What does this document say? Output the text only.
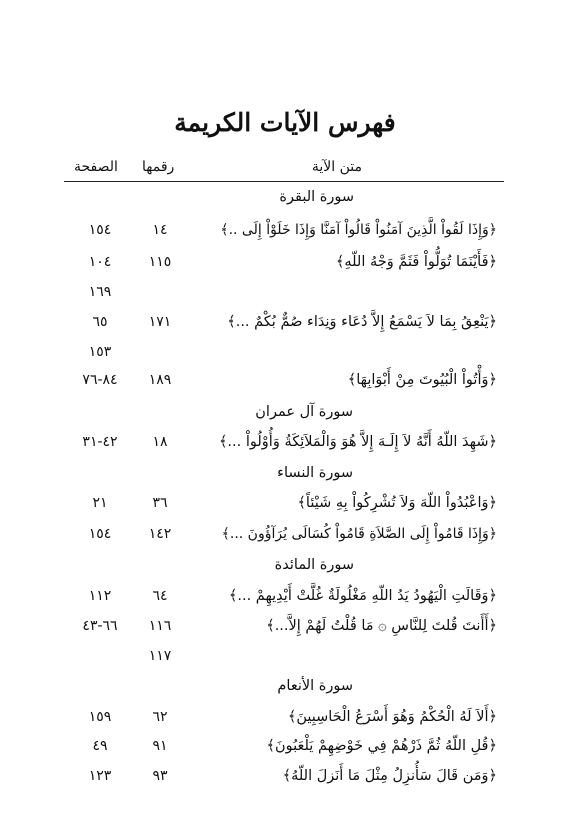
فهرس الآيات الكريمة
متن الآية
رقمها
الصفحة
سورة البقرة
﴿وَإِذَا لَقُواْ الَّذِينَ آمَنُواْ قَالُواْ آمَنَّا وَإِذَا خَلَوْاْ إِلَى ..﴾
١٤
١٥٤
﴿فَأَيْنَمَا تُوَلُّواْ فَثَمَّ وَجْهُ اللّهِ﴾
١١٥
١٠٤
١٦٩
﴿يَنْعِقُ بِمَا لاَ يَسْمَعُ إِلاَّ دُعَاء وَنِدَاء صُمٌّ بُكْمٌ ...﴾
١٧١
٦٥
١٥٣
﴿وَأْتُواْ الْبُيُوتَ مِنْ أَبْوَابِهَا﴾
١٨٩
٨٤-٧٦
سورة آل عمران
﴿شَهِدَ اللّهُ أَنَّهُ لاَ إِلَـهَ إِلاَّ هُوَ وَالْمَلاَئِكَةُ وَأُوْلُواْ ...﴾
١٨
٤٢-٣١
سورة النساء
﴿وَاعْبُدُواْ اللّهَ وَلاَ تُشْرِكُواْ بِهِ شَيْئاً﴾
٣٦
٢١
﴿وَإِذَا قَامُواْ إِلَى الصَّلاَةِ قَامُواْ كُسَالَى يُرَآؤُونَ ...﴾
١٤٢
١٥٤
سورة المائدة
﴿وَقَالَتِ الْيَهُودُ يَدُ اللّهِ مَغْلُولَةٌ غُلَّتْ أَيْدِيهِمْ ...﴾
٦٤
١١٢
﴿أَأَنتَ قُلتَ لِلنَّاسِ ۞ مَا قُلْتُ لَهُمْ إِلاَّ...﴾
١١٦
٦٦-٤٣
١١٧
سورة الأنعام
﴿أَلاَ لَهُ الْحُكْمُ وَهُوَ أَسْرَعُ الْحَاسِبِينَ﴾
٦٢
١٥٩
﴿قُلِ اللّهُ ثُمَّ ذَرْهُمْ فِي خَوْضِهِمْ يَلْعَبُونَ﴾
٩١
٤٩
﴿وَمَن قَالَ سَأُنزِلُ مِثْلَ مَا أَنَزلَ اللّهُ﴾
٩٣
١٢٣
